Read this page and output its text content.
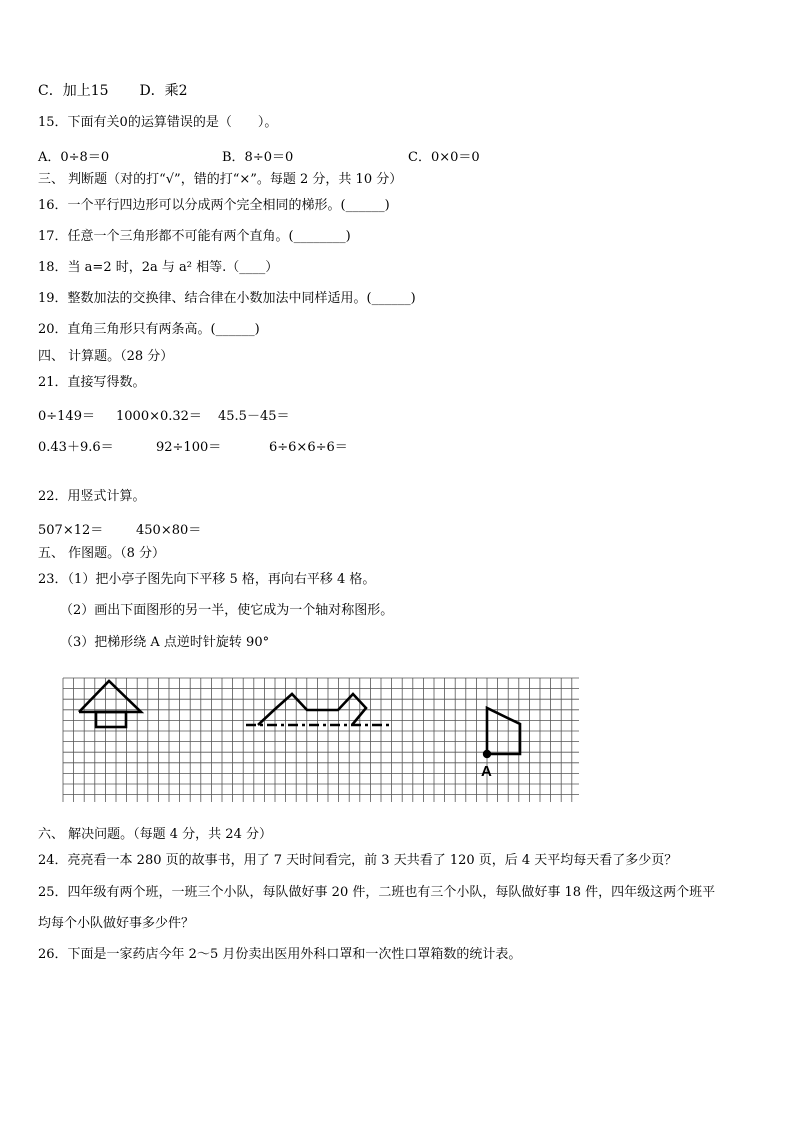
C．加上15 D．乘2
15．下面有关0的运算错误的是（　　）。
A．0÷8＝0	B．8÷0＝0	C．0×0＝0
三、 判断题（对的打“√”，错的打“×”。每题 2 分，共 10 分）
16．一个平行四边形可以分成两个完全相同的梯形。(______)
17．任意一个三角形都不可能有两个直角。(________)
18．当 a=2 时，2a 与 a² 相等.（____）
19．整数加法的交换律、结合律在小数加法中同样适用。(______)
20．直角三角形只有两条高。(______)
四、 计算题。（28 分）
21．直接写得数。
0÷149＝ 1000×0.32＝ 45.5－45＝
0.43＋9.6＝	92÷100＝	6÷6×6÷6＝
22．用竖式计算。
507×12＝	450×80＝
五、 作图题。（8 分）
23．（1）把小亭子图先向下平移 5 格，再向右平移 4 格。
（2）画出下面图形的另一半，使它成为一个轴对称图形。
（3）把梯形绕 A 点逆时针旋转 90°
A
六、 解决问题。（每题 4 分，共 24 分）
24．亮亮看一本 280 页的故事书，用了 7 天时间看完，前 3 天共看了 120 页，后 4 天平均每天看了多少页？
25．四年级有两个班，一班三个小队，每队做好事 20 件，二班也有三个小队，每队做好事 18 件，四年级这两个班平
均每个小队做好事多少件？
26．下面是一家药店今年 2～5 月份卖出医用外科口罩和一次性口罩箱数的统计表。
